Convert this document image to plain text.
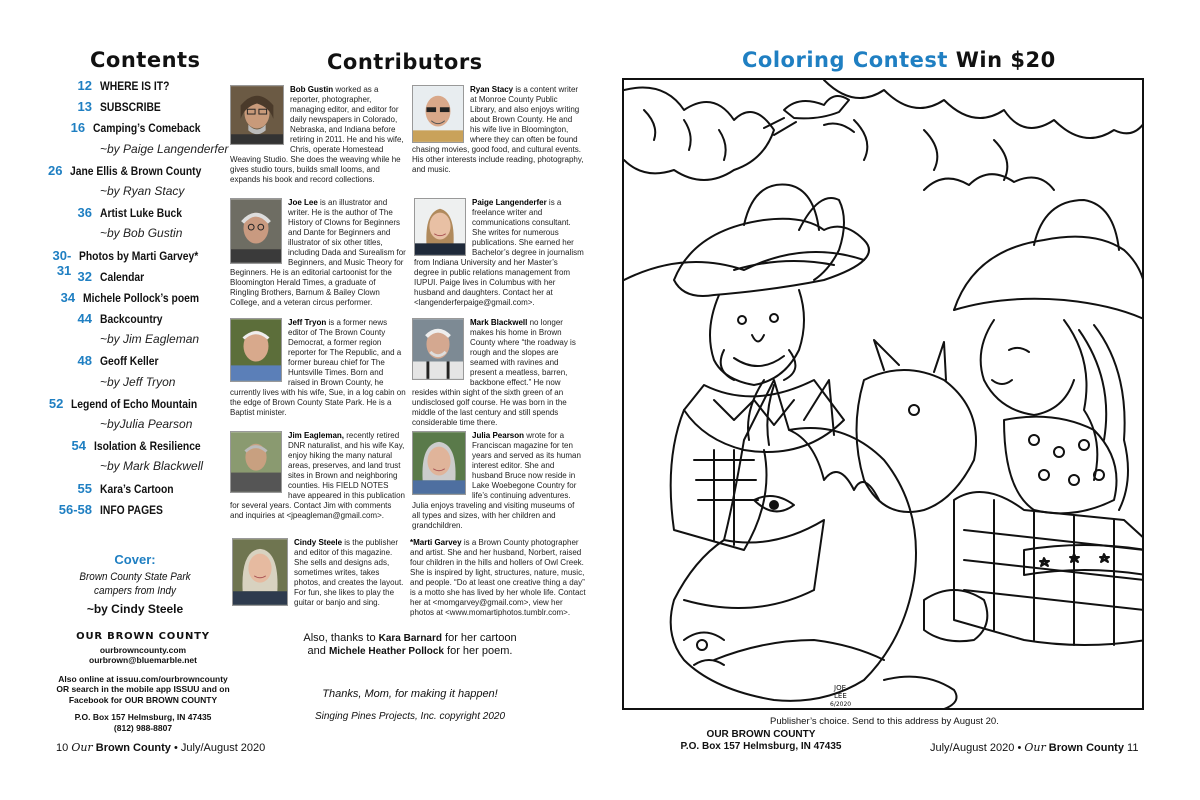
Contents	Contributors
12 WHERE IS IT?
13 SUBSCRIBE
16 Camping’s Comeback
~by Paige Langenderfer
26 Jane Ellis & Brown County
~by Ryan Stacy
36 Artist Luke Buck
~by Bob Gustin
30-31
Photos by Marti Garvey*
32 Calendar
34 Michele Pollock’s poem
44 Backcountry
~by Jim Eagleman
48 Geoff Keller
~by Jeff Tryon
52 Legend of Echo Mountain
~byJulia Pearson
54 Isolation & Resilience
~by Mark Blackwell
55 Kara’s Cartoon
56-58 INFO PAGES
Cover:
Brown County State Park
campers from Indy
~by Cindy Steele
OUR BROWN COUNTY
ourbrowncounty.com
ourbrown@bluemarble.net
Also online at issuu.com/ourbrowncounty
OR search in the mobile app ISSUU and on
Facebook for OUR BROWN COUNTY
P.O. Box 157 Helmsburg, IN 47435
(812) 988-8807
Bob Gustin worked as a reporter, photographer, managing editor, and editor for daily newspapers in Colorado, Nebraska, and Indiana before retiring in 2011. He and his wife, Chris, operate Homestead Weaving Studio. She does the weaving while he gives studio tours, builds small looms, and expands his book and record collections.
Ryan Stacy is a content writer at Monroe County Public Library, and also enjoys writing about Brown County. He and his wife live in Bloomington, where they can often be found chasing movies, good food, and cultural events. His other interests include reading, photography, and music.
Joe Lee is an illustrator and writer. He is the author of The History of Clowns for Beginners and Dante for Beginners and illustrator of six other titles, including Dada and Surealism for Beginners, and Music Theory for Beginners. He is an editorial cartoonist for the Bloomington Herald Times, a graduate of Ringling Brothers, Barnum & Bailey Clown College, and a veteran circus performer.
Paige Langenderfer is a freelance writer and communications consultant. She writes for numerous publications. She earned her Bachelor’s degree in journalism from Indiana University and her Master’s degree in public relations management from IUPUI. Paige lives in Columbus with her husband and daughters. Contact her at <langenderferpaige@gmail.com>.
Jeff Tryon is a former news editor of The Brown County Democrat, a former region reporter for The Republic, and a former bureau chief for The Huntsville Times. Born and raised in Brown County, he currently lives with his wife, Sue, in a log cabin on the edge of Brown County State Park. He is a Baptist minister.
Mark Blackwell no longer makes his home in Brown County where “the roadway is rough and the slopes are seamed with ravines and present a meatless, barren, backbone effect.” He now resides within sight of the sixth green of an undisclosed golf course. He was born in the middle of the last century and still spends considerable time there.
Jim Eagleman, recently retired DNR naturalist, and his wife Kay, enjoy hiking the many natural areas, preserves, and land trust sites in Brown and neighboring counties. His FIELD NOTES have appeared in this publication for several years. Contact Jim with comments and inquiries at <jpeagleman@gmail.com>.
Julia Pearson wrote for a Franciscan magazine for ten years and served as its human interest editor. She and husband Bruce now reside in Lake Woebegone Country for life’s continuing adventures. Julia enjoys traveling and visiting museums of all types and sizes, with her children and grandchildren.
Cindy Steele is the publisher and editor of this magazine. She sells and designs ads, sometimes writes, takes photos, and creates the layout. For fun, she likes to play the guitar or banjo and sing.
*Marti Garvey is a Brown County photographer and artist. She and her husband, Norbert, raised four children in the hills and hollers of Owl Creek. She is inspired by light, structures, nature, music, and people. “Do at least one creative thing a day” is a motto she has lived by her whole life. Contact her at <momgarvey@gmail.com>, view her photos at <www.momartiphotos.tumblr.com>.
Also, thanks to Kara Barnard for her cartoon
and Michele Heather Pollock for her poem.
Thanks, Mom, for making it happen!
Singing Pines Projects, Inc. copyright 2020
10 Our Brown County • July/August 2020
Coloring Contest Win $20
JOE
LEE
6/2020
Publisher’s choice. Send to this address by August 20.
OUR BROWN COUNTY
P.O. Box 157 Helmsburg, IN 47435	July/August 2020 • Our Brown County 11
